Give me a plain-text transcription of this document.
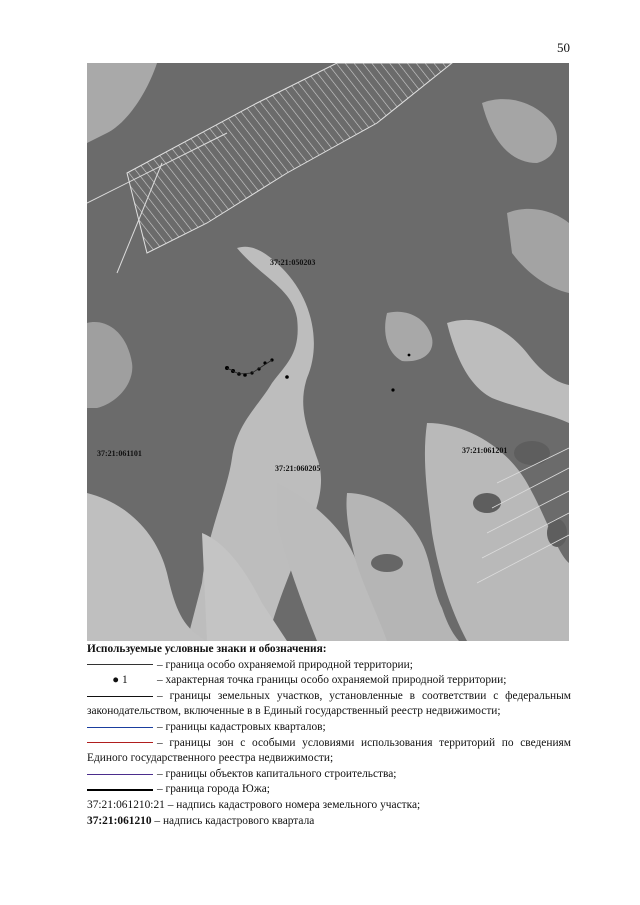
50
37:21:050203
37:21:061101
37:21:060205
37:21:061201
Используемые условные знаки и обозначения:
– граница особо охраняемой природной территории;
● 1	– характерная точка границы особо охраняемой природной территории;
– границы земельных участков, установленные в соответствии с федеральным законодательством, включенные в в Единый государственный реестр недвижимости;
– границы кадастровых кварталов;
– границы зон с особыми условиями использования территорий по сведениям Единого государственного реестра недвижимости;
– границы объектов капитального строительства;
– граница города Южа;
37:21:061210:21 – надпись кадастрового номера земельного участка;
37:21:061210 – надпись кадастрового квартала
